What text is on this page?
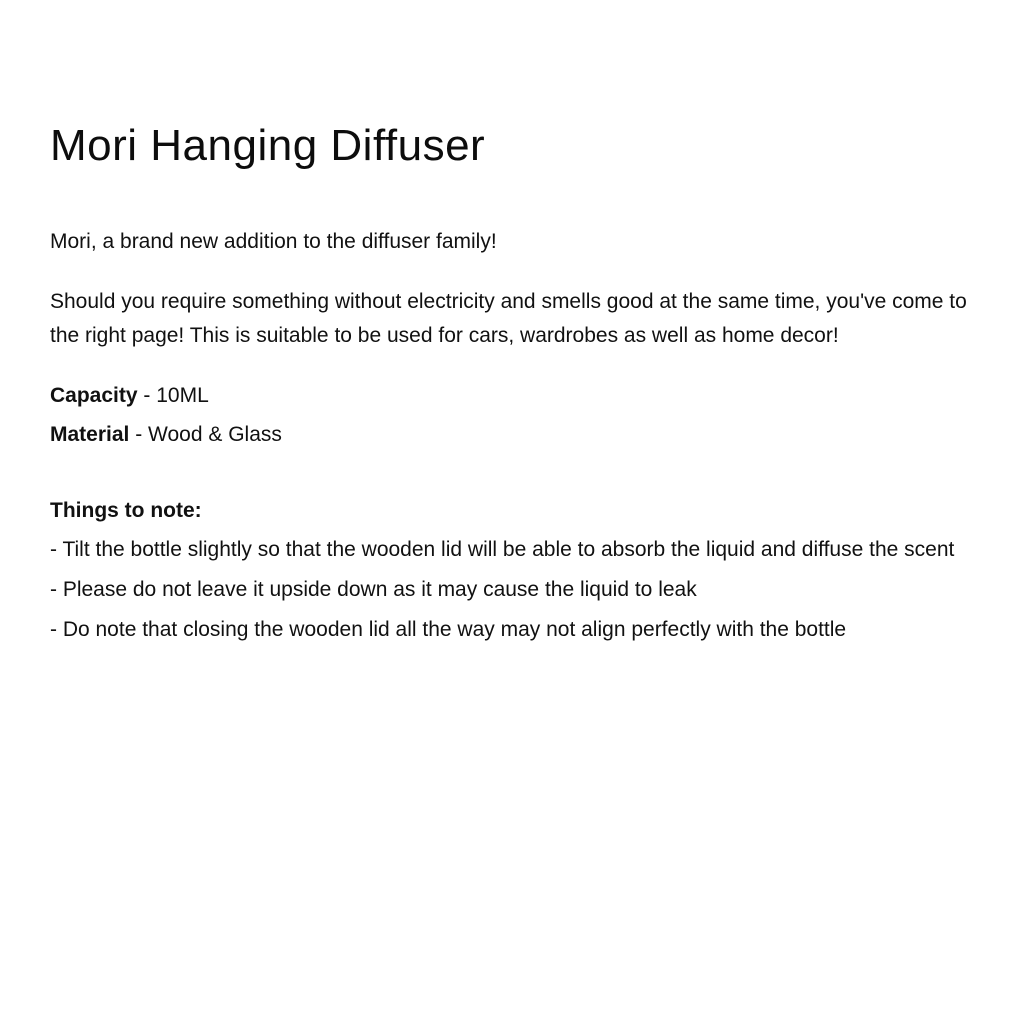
Mori Hanging Diffuser

Mori, a brand new addition to the diffuser family!

Should you require something without electricity and smells good at the same time, you've come to the right page! This is suitable to be used for cars, wardrobes as well as home decor!

Capacity - 10ML
Material - Wood & Glass
Things to note:

- Tilt the bottle slightly so that the wooden lid will be able to absorb the liquid and diffuse the scent

- Please do not leave it upside down as it may cause the liquid to leak

- Do note that closing the wooden lid all the way may not align perfectly with the bottle
